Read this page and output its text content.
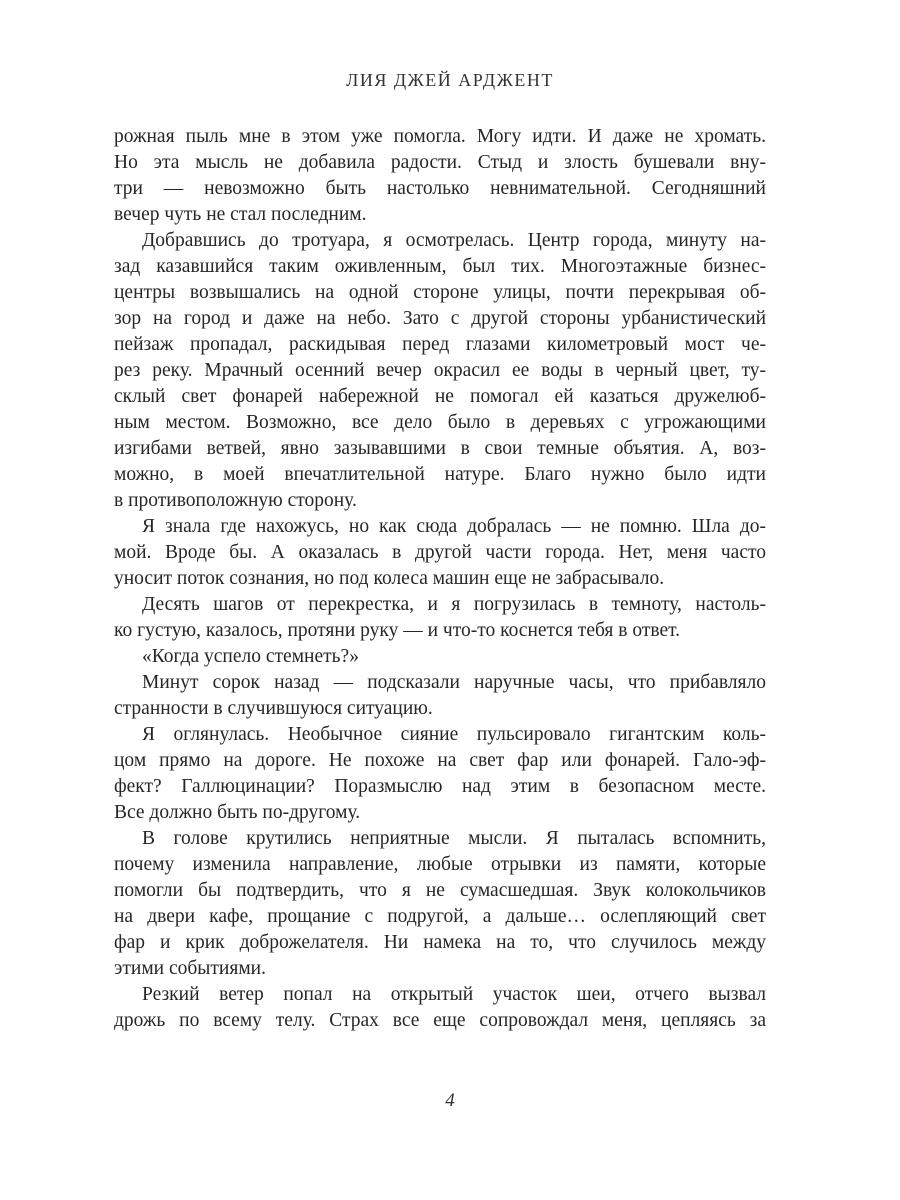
ЛИЯ ДЖЕЙ АРДЖЕНТ
рожная пыль мне в этом уже помогла. Могу идти. И даже не хромать.
Но эта мысль не добавила радости. Стыд и злость бушевали вну-
три — невозможно быть настолько невнимательной. Сегодняшний
вечер чуть не стал последним.
Добравшись до тротуара, я осмотрелась. Центр города, минуту на-
зад казавшийся таким оживленным, был тих. Многоэтажные бизнес-
центры возвышались на одной стороне улицы, почти перекрывая об-
зор на город и даже на небо. Зато с другой стороны урбанистический
пейзаж пропадал, раскидывая перед глазами километровый мост че-
рез реку. Мрачный осенний вечер окрасил ее воды в черный цвет, ту-
склый свет фонарей набережной не помогал ей казаться дружелюб-
ным местом. Возможно, все дело было в деревьях с угрожающими
изгибами ветвей, явно зазывавшими в свои темные объятия. А, воз-
можно, в моей впечатлительной натуре. Благо нужно было идти
в противоположную сторону.
Я знала где нахожусь, но как сюда добралась — не помню. Шла до-
мой. Вроде бы. А оказалась в другой части города. Нет, меня часто
уносит поток сознания, но под колеса машин еще не забрасывало.
Десять шагов от перекрестка, и я погрузилась в темноту, настоль-
ко густую, казалось, протяни руку — и что-то коснется тебя в ответ.
«Когда успело стемнеть?»
Минут сорок назад — подсказали наручные часы, что прибавляло
странности в случившуюся ситуацию.
Я оглянулась. Необычное сияние пульсировало гигантским коль-
цом прямо на дороге. Не похоже на свет фар или фонарей. Гало-эф-
фект? Галлюцинации? Поразмыслю над этим в безопасном месте.
Все должно быть по-другому.
В голове крутились неприятные мысли. Я пыталась вспомнить,
почему изменила направление, любые отрывки из памяти, которые
помогли бы подтвердить, что я не сумасшедшая. Звук колокольчиков
на двери кафе, прощание с подругой, а дальше… ослепляющий свет
фар и крик доброжелателя. Ни намека на то, что случилось между
этими событиями.
Резкий ветер попал на открытый участок шеи, отчего вызвал
дрожь по всему телу. Страх все еще сопровождал меня, цепляясь за
4
